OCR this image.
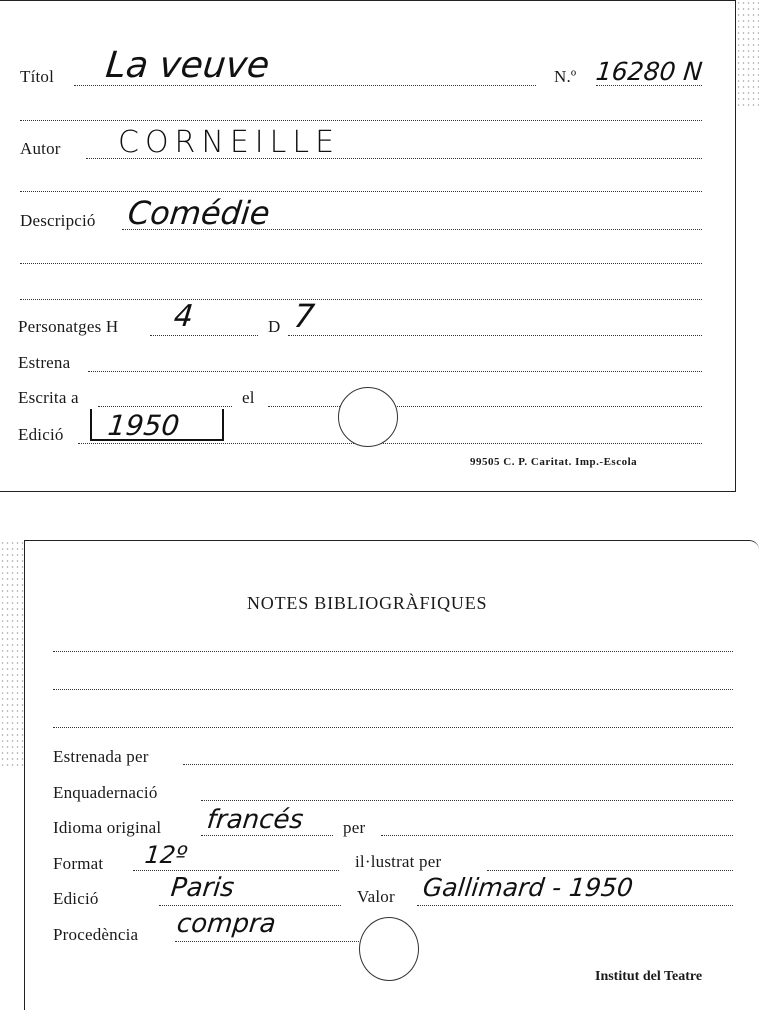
Títol La veuve	N.º 16280 N
Autor CORNEILLE
Descripció Comédie
Personatges H 4	D 7
Estrena
Escrita a	el
Edició 1950
99505 C. P. Caritat. Imp.-Escola
NOTES BIBLIOGRÀFIQUES
Estrenada per
Enquadernació
Idioma original francés per
Format 12º	il·lustrat per
Edició	Paris	Valor Gallimard - 1950
Procedència compra
Institut del Teatre
